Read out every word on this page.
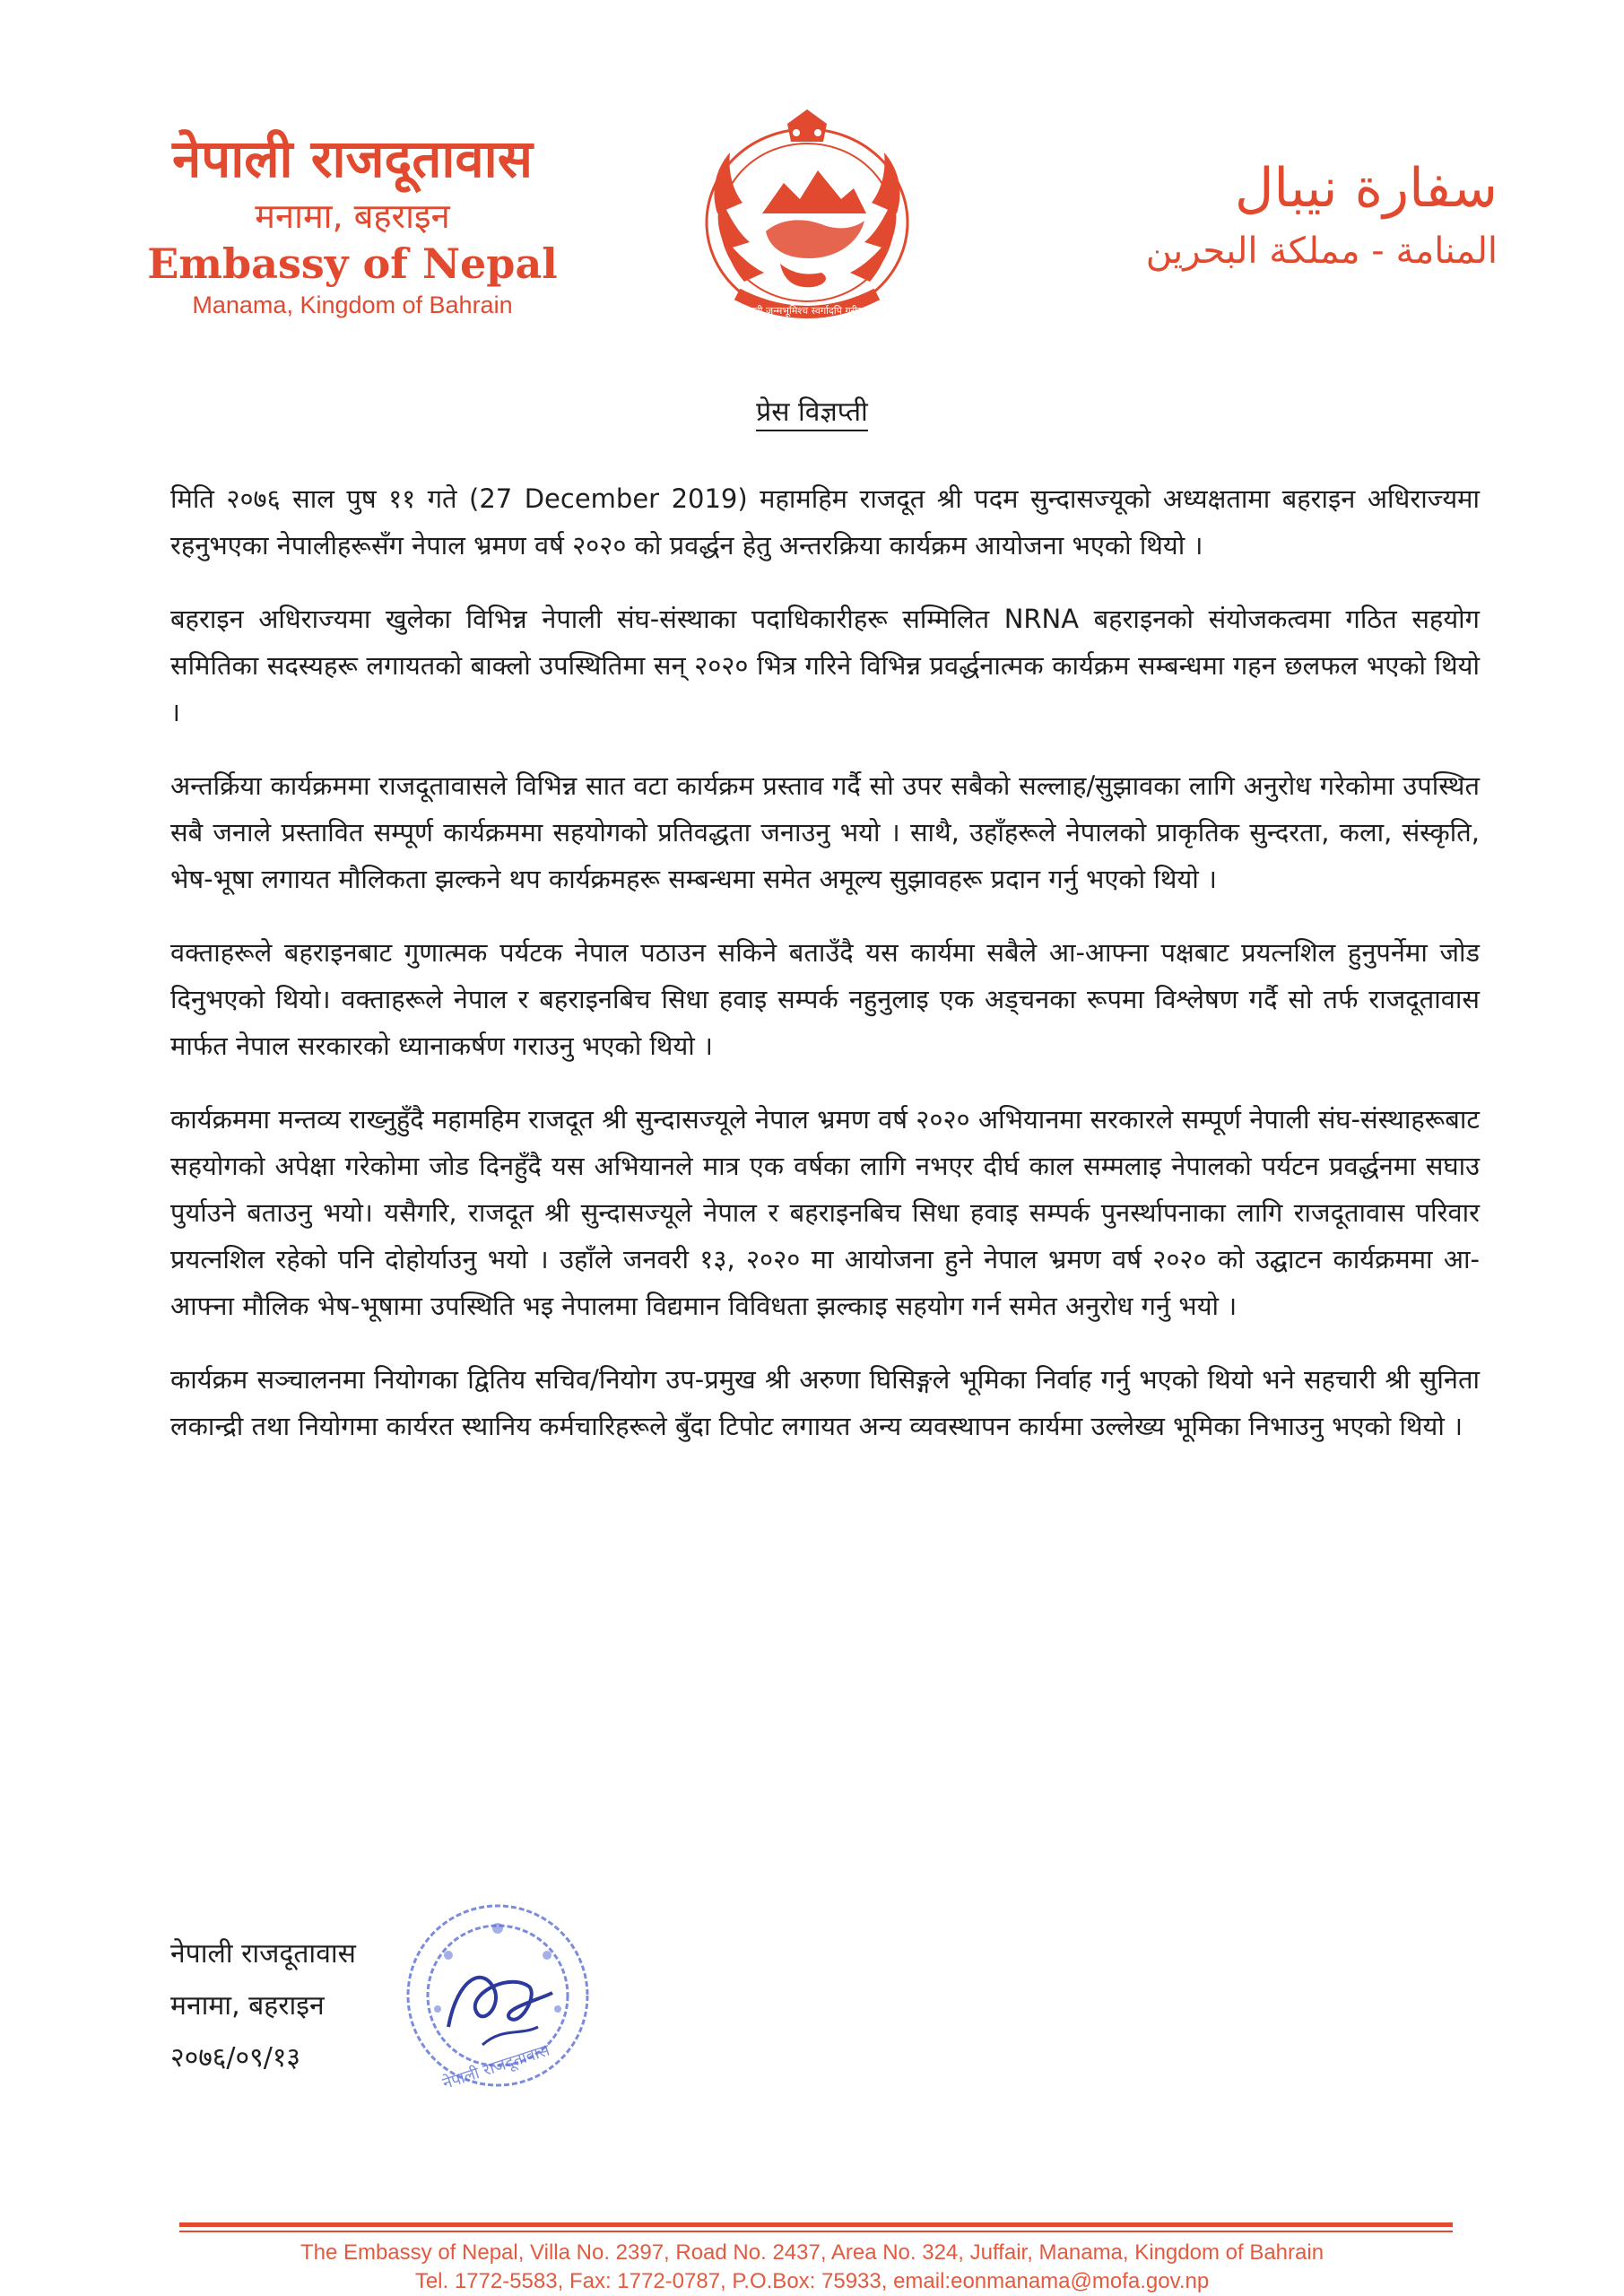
नेपाली राजदूतावास
मनामा, बहराइन
Embassy of Nepal
Manama, Kingdom of Bahrain	जननी जन्मभूमिश्च स्वर्गादपि गरीयसी
سفارة نيبال
المنامة - مملكة البحرين
प्रेस विज्ञप्ती

मिति २०७६ साल पुष ११ गते (27 December 2019) महामहिम राजदूत श्री पदम सुन्दासज्यूको अध्यक्षतामा बहराइन अधिराज्यमा रहनुभएका नेपालीहरूसँग नेपाल भ्रमण वर्ष २०२० को प्रवर्द्धन हेतु अन्तरक्रिया कार्यक्रम आयोजना भएको थियो ।

बहराइन अधिराज्यमा खुलेका विभिन्न नेपाली संघ-संस्थाका पदाधिकारीहरू सम्मिलित NRNA बहराइनको संयोजकत्वमा गठित सहयोग समितिका सदस्यहरू लगायतको बाक्लो उपस्थितिमा सन् २०२० भित्र गरिने विभिन्न प्रवर्द्धनात्मक कार्यक्रम सम्बन्धमा गहन छलफल भएको थियो ।

अन्तर्क्रिया कार्यक्रममा राजदूतावासले विभिन्न सात वटा कार्यक्रम प्रस्ताव गर्दै सो उपर सबैको सल्लाह/सुझावका लागि अनुरोध गरेकोमा उपस्थित सबै जनाले प्रस्तावित सम्पूर्ण कार्यक्रममा सहयोगको प्रतिवद्धता जनाउनु भयो । साथै, उहाँहरूले नेपालको प्राकृतिक सुन्दरता, कला, संस्कृति, भेष-भूषा लगायत मौलिकता झल्कने थप कार्यक्रमहरू सम्बन्धमा समेत अमूल्य सुझावहरू प्रदान गर्नु भएको थियो ।

वक्ताहरूले बहराइनबाट गुणात्मक पर्यटक नेपाल पठाउन सकिने बताउँदै यस कार्यमा सबैले आ-आफ्ना पक्षबाट प्रयत्नशिल हुनुपर्नेमा जोड दिनुभएको थियो। वक्ताहरूले नेपाल र बहराइनबिच सिधा हवाइ सम्पर्क नहुनुलाइ एक अड्चनका रूपमा विश्लेषण गर्दै सो तर्फ राजदूतावास मार्फत नेपाल सरकारको ध्यानाकर्षण गराउनु भएको थियो ।

कार्यक्रममा मन्तव्य राख्नुहुँदै महामहिम राजदूत श्री सुन्दासज्यूले नेपाल भ्रमण वर्ष २०२० अभियानमा सरकारले सम्पूर्ण नेपाली संघ-संस्थाहरूबाट सहयोगको अपेक्षा गरेकोमा जोड दिनहुँदै यस अभियानले मात्र एक वर्षका लागि नभएर दीर्घ काल सम्मलाइ नेपालको पर्यटन प्रवर्द्धनमा सघाउ पुर्याउने बताउनु भयो। यसैगरि, राजदूत श्री सुन्दासज्यूले नेपाल र बहराइनबिच सिधा हवाइ सम्पर्क पुनर्स्थापनाका लागि राजदूतावास परिवार प्रयत्नशिल रहेको पनि दोहोर्याउनु भयो । उहाँले जनवरी १३, २०२० मा आयोजना हुने नेपाल भ्रमण वर्ष २०२० को उद्घाटन कार्यक्रममा आ-आफ्ना मौलिक भेष-भूषामा उपस्थिति भइ नेपालमा विद्यमान विविधता झल्काइ सहयोग गर्न समेत अनुरोध गर्नु भयो ।

कार्यक्रम सञ्चालनमा नियोगका द्वितिय सचिव/नियोग उप-प्रमुख श्री अरुणा घिसिङ्गले भूमिका निर्वाह गर्नु भएको थियो भने सहचारी श्री सुनिता लकान्द्री तथा नियोगमा कार्यरत स्थानिय कर्मचारिहरूले बुँदा टिपोट लगायत अन्य व्यवस्थापन कार्यमा उल्लेख्य भूमिका निभाउनु भएको थियो ।

नेपाली राजदूतावास
मनामा, बहराइन
२०७६/०९/१३	नेपाली राजदूतावास
The Embassy of Nepal, Villa No. 2397, Road No. 2437, Area No. 324, Juffair, Manama, Kingdom of Bahrain
Tel. 1772-5583, Fax: 1772-0787, P.O.Box: 75933, email:eonmanama@mofa.gov.np
